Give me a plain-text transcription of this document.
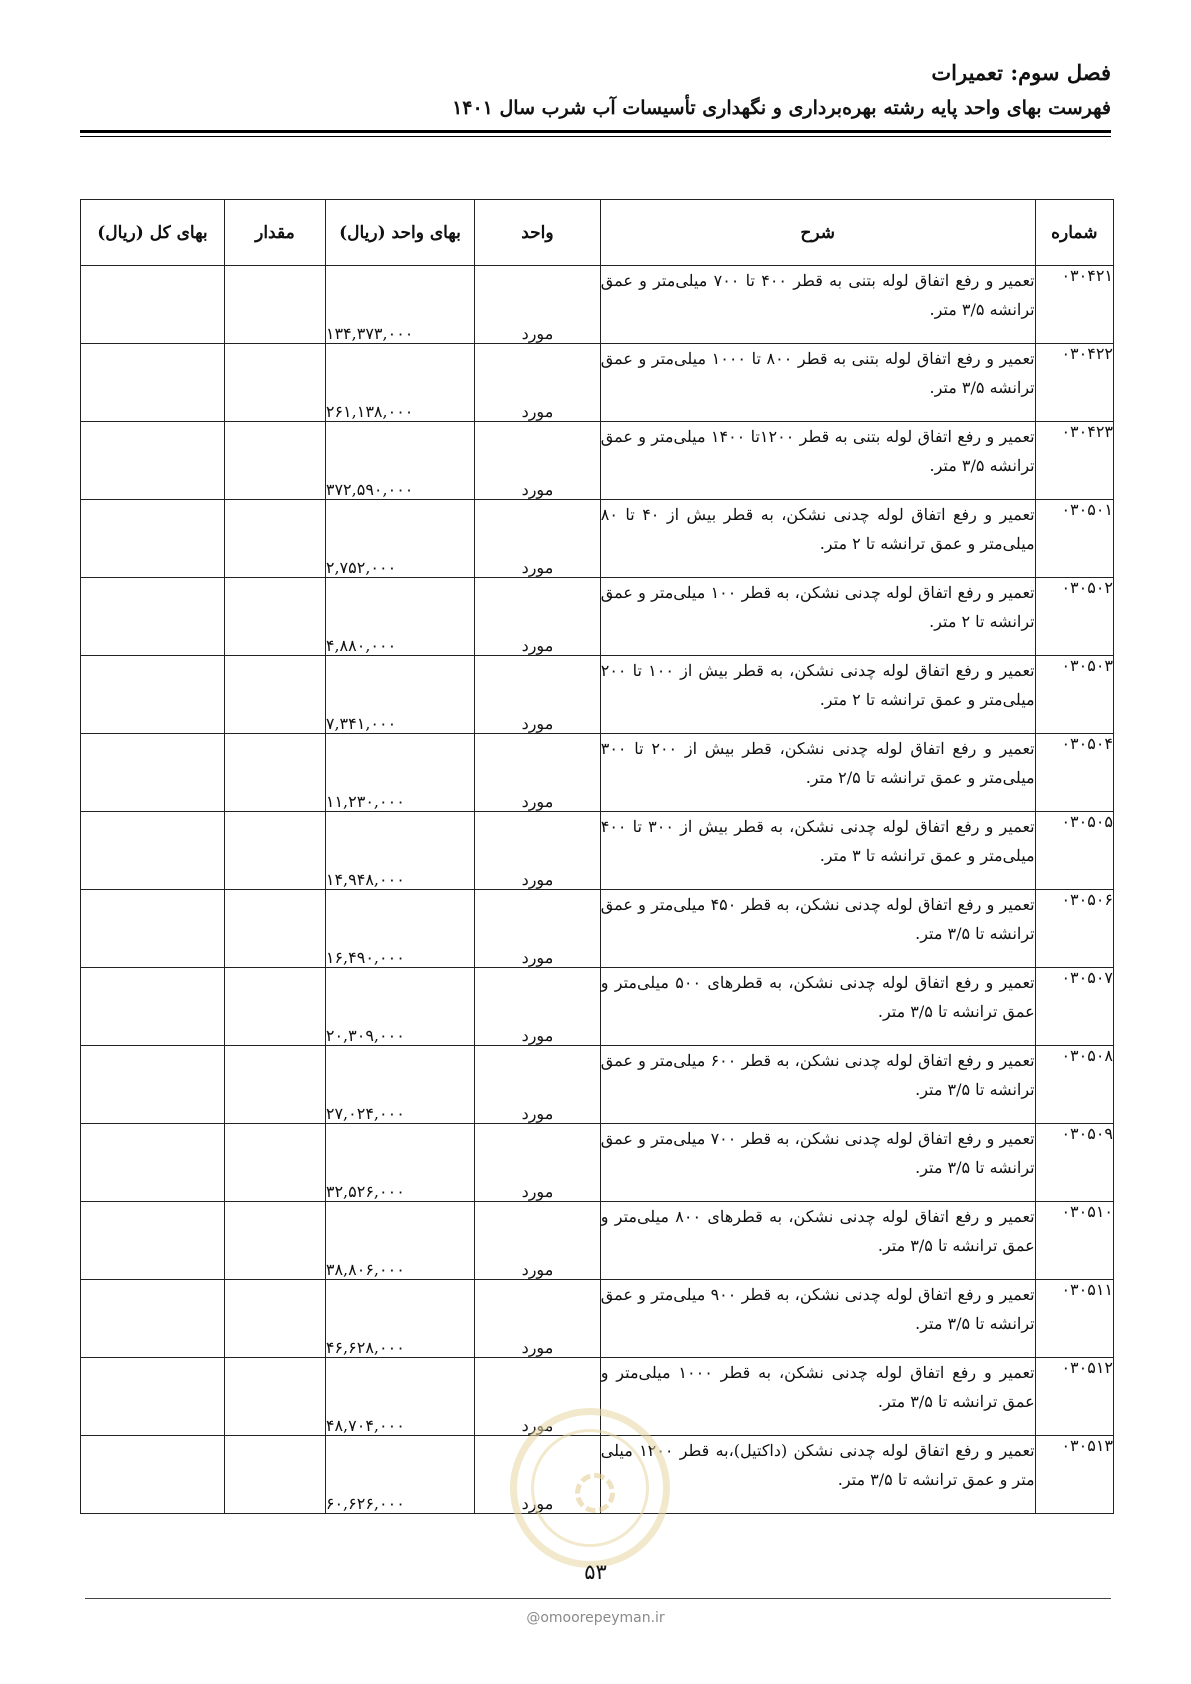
فصل سوم: تعمیرات
فهرست بهای واحد پایه رشته بهره‌برداری و نگهداری تأسیسات آب شرب سال ۱۴۰۱
شماره	شرح	واحد	بهای واحد (ریال)	مقدار	بهای کل (ریال)
۰۳۰۴۲۱	تعمیر و رفع اتفاق لوله بتنی به قطر ۴۰۰ تا ۷۰۰ میلی‌متر و عمق ترانشه ۳/۵ متر.	مورد	۱۳۴,۳۷۳,۰۰۰		
۰۳۰۴۲۲	تعمیر و رفع اتفاق لوله بتنی به قطر ۸۰۰ تا ۱۰۰۰ میلی‌متر و عمق ترانشه ۳/۵ متر.	مورد	۲۶۱,۱۳۸,۰۰۰		
۰۳۰۴۲۳	تعمیر و رفع اتفاق لوله بتنی به قطر ۱۲۰۰تا ۱۴۰۰ میلی‌متر و عمق ترانشه ۳/۵ متر.	مورد	۳۷۲,۵۹۰,۰۰۰		
۰۳۰۵۰۱	تعمیر و رفع اتفاق لوله چدنی نشکن، به قطر بیش از ۴۰ تا ۸۰ میلی‌متر و عمق ترانشه تا ۲ متر.	مورد	۲,۷۵۲,۰۰۰		
۰۳۰۵۰۲	تعمیر و رفع اتفاق لوله چدنی نشکن، به قطر ۱۰۰ میلی‌متر و عمق ترانشه تا ۲ متر.	مورد	۴,۸۸۰,۰۰۰		
۰۳۰۵۰۳	تعمیر و رفع اتفاق لوله چدنی نشکن، به قطر بیش از ۱۰۰ تا ۲۰۰ میلی‌متر و عمق ترانشه تا ۲ متر.	مورد	۷,۳۴۱,۰۰۰		
۰۳۰۵۰۴	تعمیر و رفع اتفاق لوله چدنی نشکن، قطر بیش از ۲۰۰ تا ۳۰۰ میلی‌متر و عمق ترانشه تا ۲/۵ متر.	مورد	۱۱,۲۳۰,۰۰۰		
۰۳۰۵۰۵	تعمیر و رفع اتفاق لوله چدنی نشکن، به قطر بیش از ۳۰۰ تا ۴۰۰ میلی‌متر و عمق ترانشه تا ۳ متر.	مورد	۱۴,۹۴۸,۰۰۰		
۰۳۰۵۰۶	تعمیر و رفع اتفاق لوله چدنی نشکن، به قطر ۴۵۰ میلی‌متر و عمق ترانشه تا ۳/۵ متر.	مورد	۱۶,۴۹۰,۰۰۰		
۰۳۰۵۰۷	تعمیر و رفع اتفاق لوله چدنی نشکن، به قطرهای ۵۰۰ میلی‌متر و عمق ترانشه تا ۳/۵ متر.	مورد	۲۰,۳۰۹,۰۰۰		
۰۳۰۵۰۸	تعمیر و رفع اتفاق لوله چدنی نشکن، به قطر ۶۰۰ میلی‌متر و عمق ترانشه تا ۳/۵ متر.	مورد	۲۷,۰۲۴,۰۰۰		
۰۳۰۵۰۹	تعمیر و رفع اتفاق لوله چدنی نشکن، به قطر ۷۰۰ میلی‌متر و عمق ترانشه تا ۳/۵ متر.	مورد	۳۲,۵۲۶,۰۰۰		
۰۳۰۵۱۰	تعمیر و رفع اتفاق لوله چدنی نشکن، به قطرهای ۸۰۰ میلی‌متر و عمق ترانشه تا ۳/۵ متر.	مورد	۳۸,۸۰۶,۰۰۰		
۰۳۰۵۱۱	تعمیر و رفع اتفاق لوله چدنی نشکن، به قطر ۹۰۰ میلی‌متر و عمق ترانشه تا ۳/۵ متر.	مورد	۴۶,۶۲۸,۰۰۰		
۰۳۰۵۱۲	تعمیر و رفع اتفاق لوله چدنی نشکن، به قطر ۱۰۰۰ میلی‌متر و عمق ترانشه تا ۳/۵ متر.	مورد	۴۸,۷۰۴,۰۰۰		
۰۳۰۵۱۳	تعمیر و رفع اتفاق لوله چدنی نشکن (داکتیل)،به قطر ۱۲۰۰ میلی متر و عمق ترانشه تا ۳/۵ متر.	مورد	۶۰,۶۲۶,۰۰۰		
۵۳
@omoorepeyman.ir
